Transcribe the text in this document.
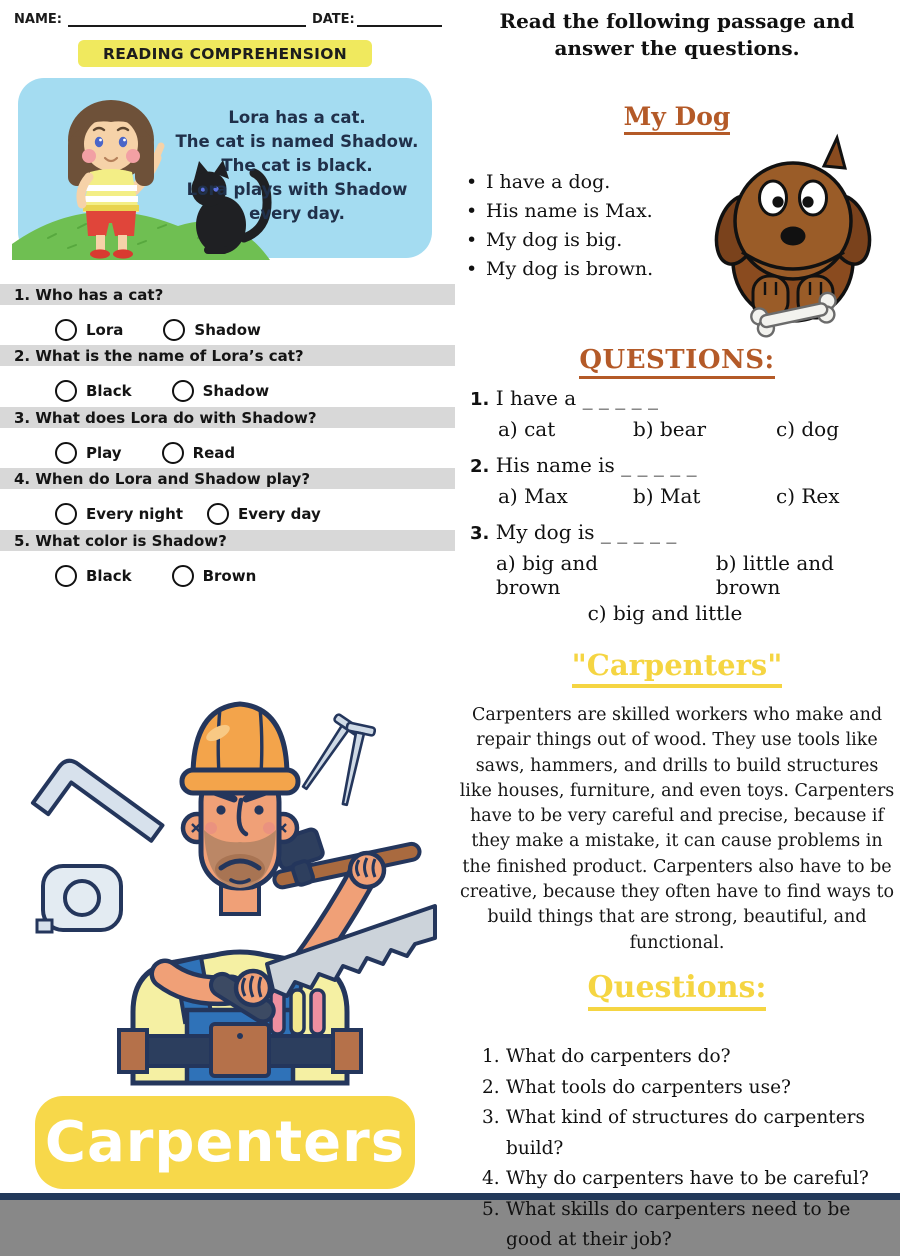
NAME:	DATE:
READING COMPREHENSION
Lora has a cat.
The cat is named Shadow.
The cat is black.
Lora plays with Shadow
every day.
1. Who has a cat?
Lora	Shadow
2. What is the name of Lora’s cat?
Black	Shadow
3. What does Lora do with Shadow?
Play	Read
4. When do Lora and Shadow play?
Every night	Every day
5. What color is Shadow?
Black	Brown
Carpenters
Read the following passage and answer the questions.
My Dog
• I have a dog.
• His name is Max.
• My dog is big.
• My dog is brown.
QUESTIONS:
1. I have a _ _ _ _ _
a) cat	b) bear	c) dog
2. His name is _ _ _ _ _
a) Max	b) Mat	c) Rex
3. My dog is _ _ _ _ _
a) big and brown
b) little and brown
c) big and little
"Carpenters"
Carpenters are skilled workers who make and repair things out of wood. They use tools like saws, hammers, and drills to build structures like houses, furniture, and even toys. Carpenters have to be very careful and precise, because if they make a mistake, it can cause problems in the finished product. Carpenters also have to be creative, because they often have to find ways to build things that are strong, beautiful, and functional.
Questions:
What do carpenters do?
What tools do carpenters use?
What kind of structures do carpenters build?
Why do carpenters have to be careful?
What skills do carpenters need to be good at their job?
